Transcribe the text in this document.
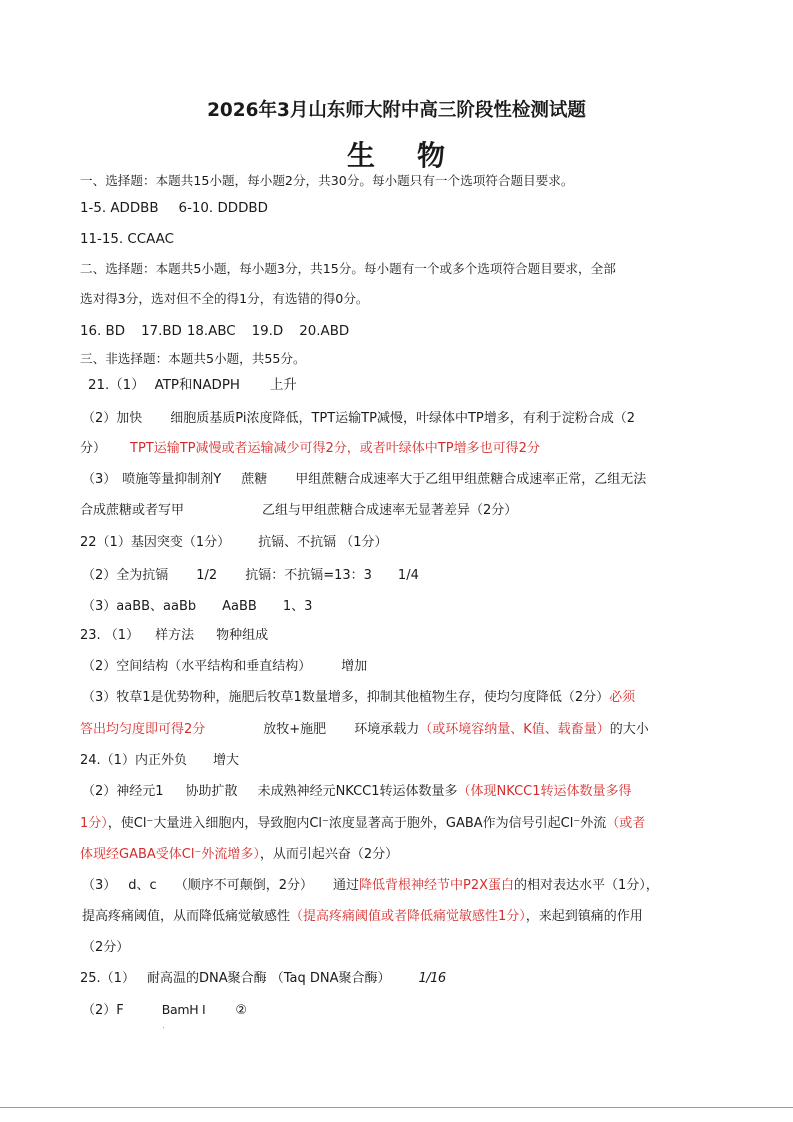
2026年3月山东师大附中高三阶段性检测试题
生物
一、选择题：本题共15小题，每小题2分，共30分。每小题只有一个选项符合题目要求。
1-5. ADDBB 6-10. DDDBD
11-15. CCAAC
二、选择题：本题共5小题，每小题3分，共15分。每小题有一个或多个选项符合题目要求，全部
选对得3分，选对但不全的得1分，有选错的得0分。
16. BD 17.BD 18.ABC 19.D 20.ABD
三、非选择题：本题共5小题，共55分。
21.（1） ATP和NADPH 上升
（2）加快 细胞质基质Pi浓度降低，TPT运输TP减慢，叶绿体中TP增多，有利于淀粉合成（2
分） TPT运输TP减慢或者运输减少可得2分，或者叶绿体中TP增多也可得2分
（3） 喷施等量抑制剂Y 蔗糖 甲组蔗糖合成速率大于乙组甲组蔗糖合成速率正常，乙组无法
合成蔗糖或者写甲	乙组与甲组蔗糖合成速率无显著差异（2分）
22（1）基因突变（1分） 抗镉、不抗镉 （1分）
（2）全为抗镉 1/2 抗镉：不抗镉=13：3 1/4
（3）aaBB、aaBb AaBB 1、3
23. （1） 样方法 物种组成
（2）空间结构（水平结构和垂直结构） 增加
（3）牧草1是优势物种，施肥后牧草1数量增多，抑制其他植物生存，使均匀度降低（2分）必须
答出均匀度即可得2分	放牧+施肥 环境承载力（或环境容纳量、K值、载畜量）的大小
24.（1）内正外负 增大
（2）神经元1 协助扩散 未成熟神经元NKCC1转运体数量多（体现NKCC1转运体数量多得
1分），使Cl⁻大量进入细胞内，导致胞内Cl⁻浓度显著高于胞外，GABA作为信号引起Cl⁻外流（或者
体现经GABA受体Cl⁻外流增多），从而引起兴奋（2分）
（3） d、c （顺序不可颠倒，2分） 通过降低背根神经节中P2X蛋白的相对表达水平（1分），
提高疼痛阈值，从而降低痛觉敏感性（提高疼痛阈值或者降低痛觉敏感性1分），来起到镇痛的作用
（2分）
25.（1） 耐高温的DNA聚合酶 （Taq DNA聚合酶） 1/16
（2）F	BamH I ②
